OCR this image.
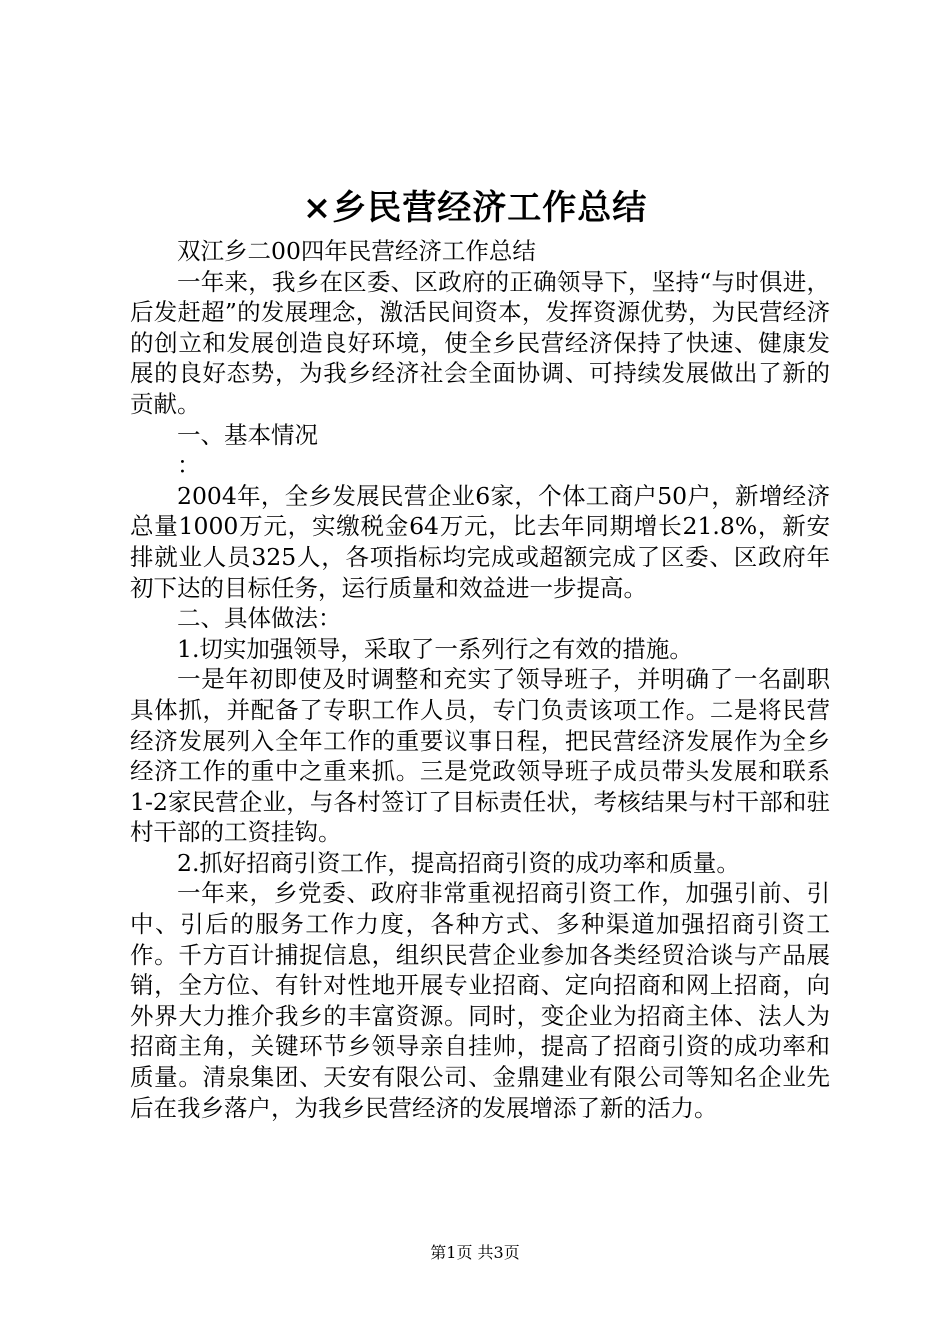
×乡民营经济工作总结

双江乡二00四年民营经济工作总结

一年来，我乡在区委、区政府的正确领导下，坚持“与时俱进，后发赶超”的发展理念，激活民间资本，发挥资源优势，为民营经济的创立和发展创造良好环境，使全乡民营经济保持了快速、健康发展的良好态势，为我乡经济社会全面协调、可持续发展做出了新的贡献。

一、基本情况

：

2004年，全乡发展民营企业6家，个体工商户50户，新增经济总量1000万元，实缴税金64万元，比去年同期增长21.8%，新安排就业人员325人，各项指标均完成或超额完成了区委、区政府年初下达的目标任务，运行质量和效益进一步提高。

二、具体做法：

1.切实加强领导，采取了一系列行之有效的措施。

一是年初即使及时调整和充实了领导班子，并明确了一名副职具体抓，并配备了专职工作人员，专门负责该项工作。二是将民营经济发展列入全年工作的重要议事日程，把民营经济发展作为全乡经济工作的重中之重来抓。三是党政领导班子成员带头发展和联系1-2家民营企业，与各村签订了目标责任状，考核结果与村干部和驻村干部的工资挂钩。

2.抓好招商引资工作，提高招商引资的成功率和质量。

一年来，乡党委、政府非常重视招商引资工作，加强引前、引中、引后的服务工作力度，各种方式、多种渠道加强招商引资工作。千方百计捕捉信息，组织民营企业参加各类经贸洽谈与产品展销，全方位、有针对性地开展专业招商、定向招商和网上招商，向外界大力推介我乡的丰富资源。同时，变企业为招商主体、法人为招商主角，关键环节乡领导亲自挂帅，提高了招商引资的成功率和质量。清泉集团、天安有限公司、金鼎建业有限公司等知名企业先后在我乡落户，为我乡民营经济的发展增添了新的活力。

第1页 共3页
